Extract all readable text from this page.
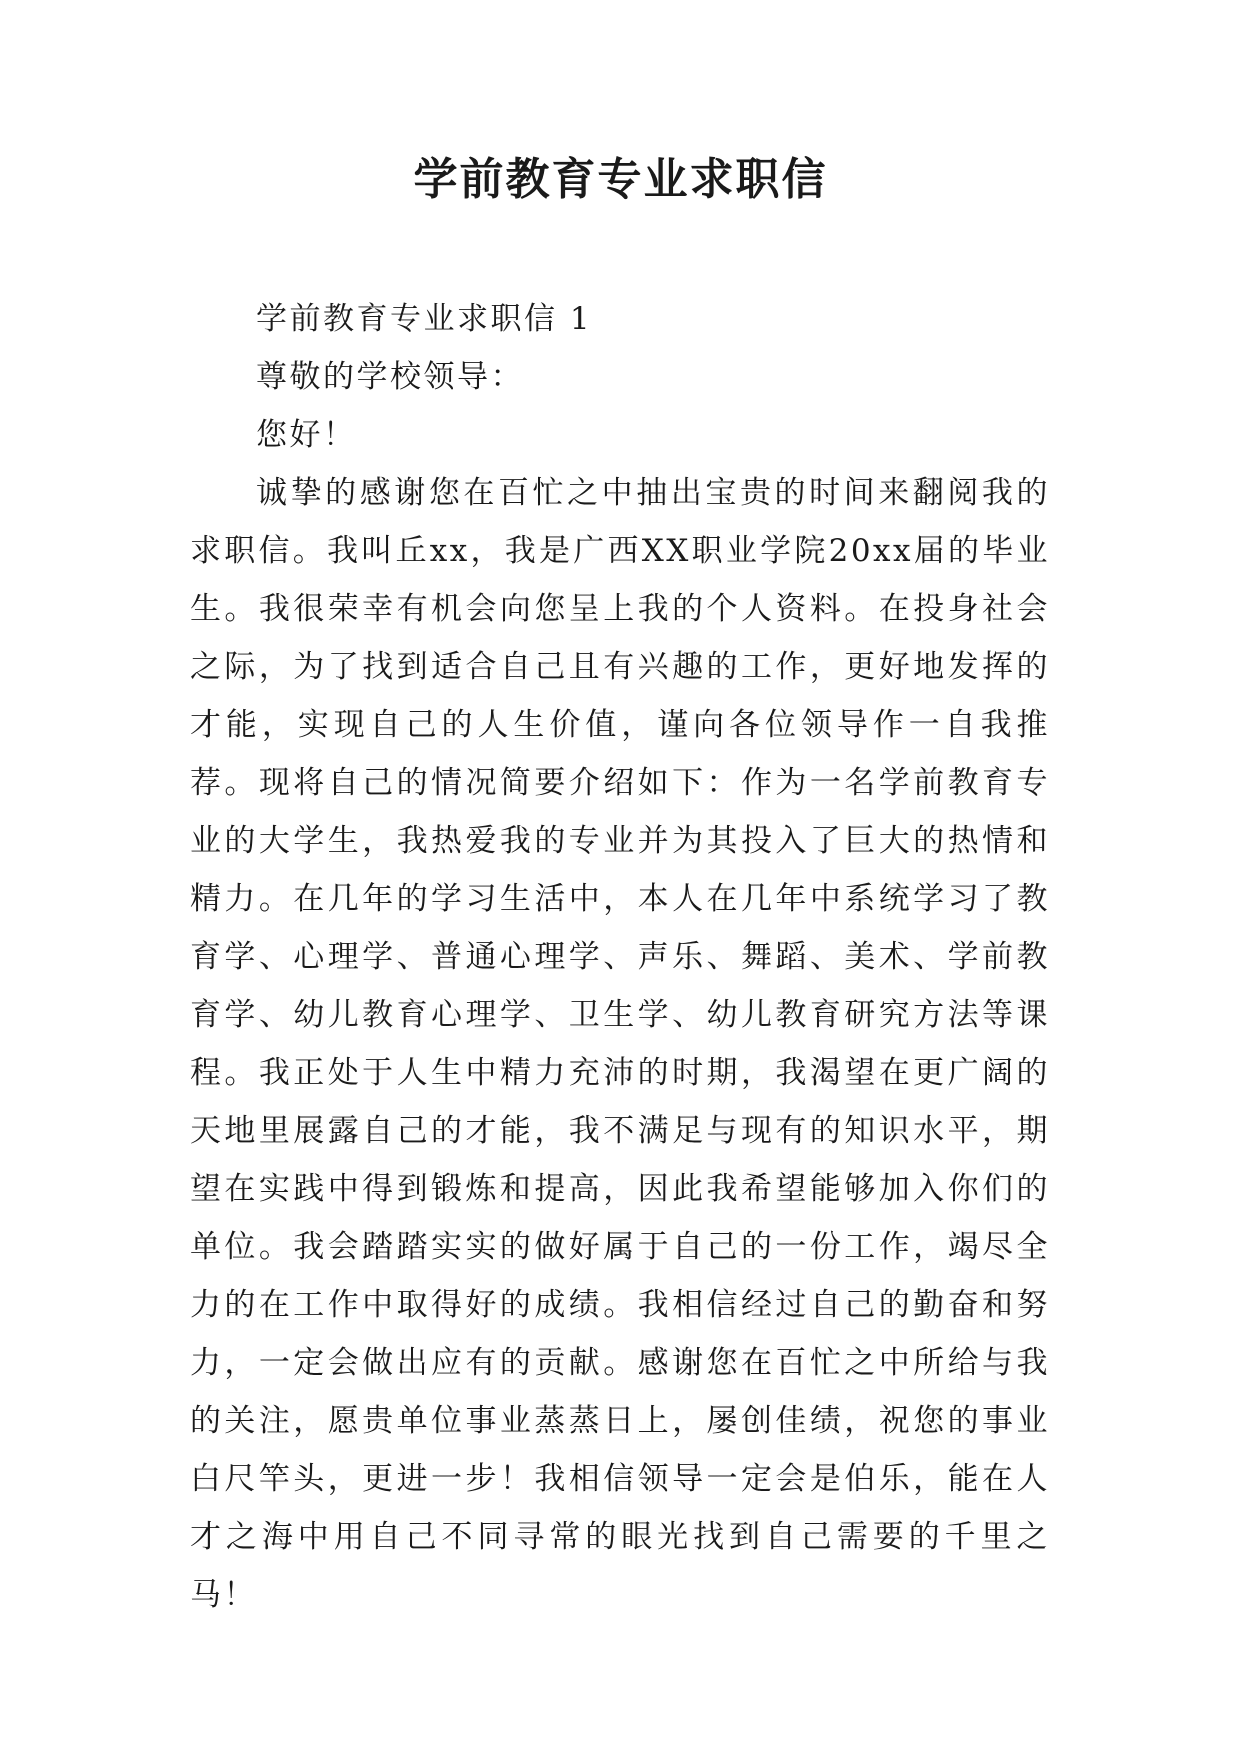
学前教育专业求职信

学前教育专业求职信 1

尊敬的学校领导：

您好！

诚挚的感谢您在百忙之中抽出宝贵的时间来翻阅我的求职信。我叫丘xx，我是广西XX职业学院20xx届的毕业生。我很荣幸有机会向您呈上我的个人资料。在投身社会之际，为了找到适合自己且有兴趣的工作，更好地发挥的才能，实现自己的人生价值，谨向各位领导作一自我推荐。现将自己的情况简要介绍如下：作为一名学前教育专业的大学生，我热爱我的专业并为其投入了巨大的热情和精力。在几年的学习生活中，本人在几年中系统学习了教育学、心理学、普通心理学、声乐、舞蹈、美术、学前教育学、幼儿教育心理学、卫生学、幼儿教育研究方法等课程。我正处于人生中精力充沛的时期，我渴望在更广阔的天地里展露自己的才能，我不满足与现有的知识水平，期望在实践中得到锻炼和提高，因此我希望能够加入你们的单位。我会踏踏实实的做好属于自己的一份工作，竭尽全力的在工作中取得好的成绩。我相信经过自己的勤奋和努力，一定会做出应有的贡献。感谢您在百忙之中所给与我的关注，愿贵单位事业蒸蒸日上，屡创佳绩，祝您的事业白尺竿头，更进一步！我相信领导一定会是伯乐，能在人才之海中用自己不同寻常的眼光找到自己需要的千里之马！
